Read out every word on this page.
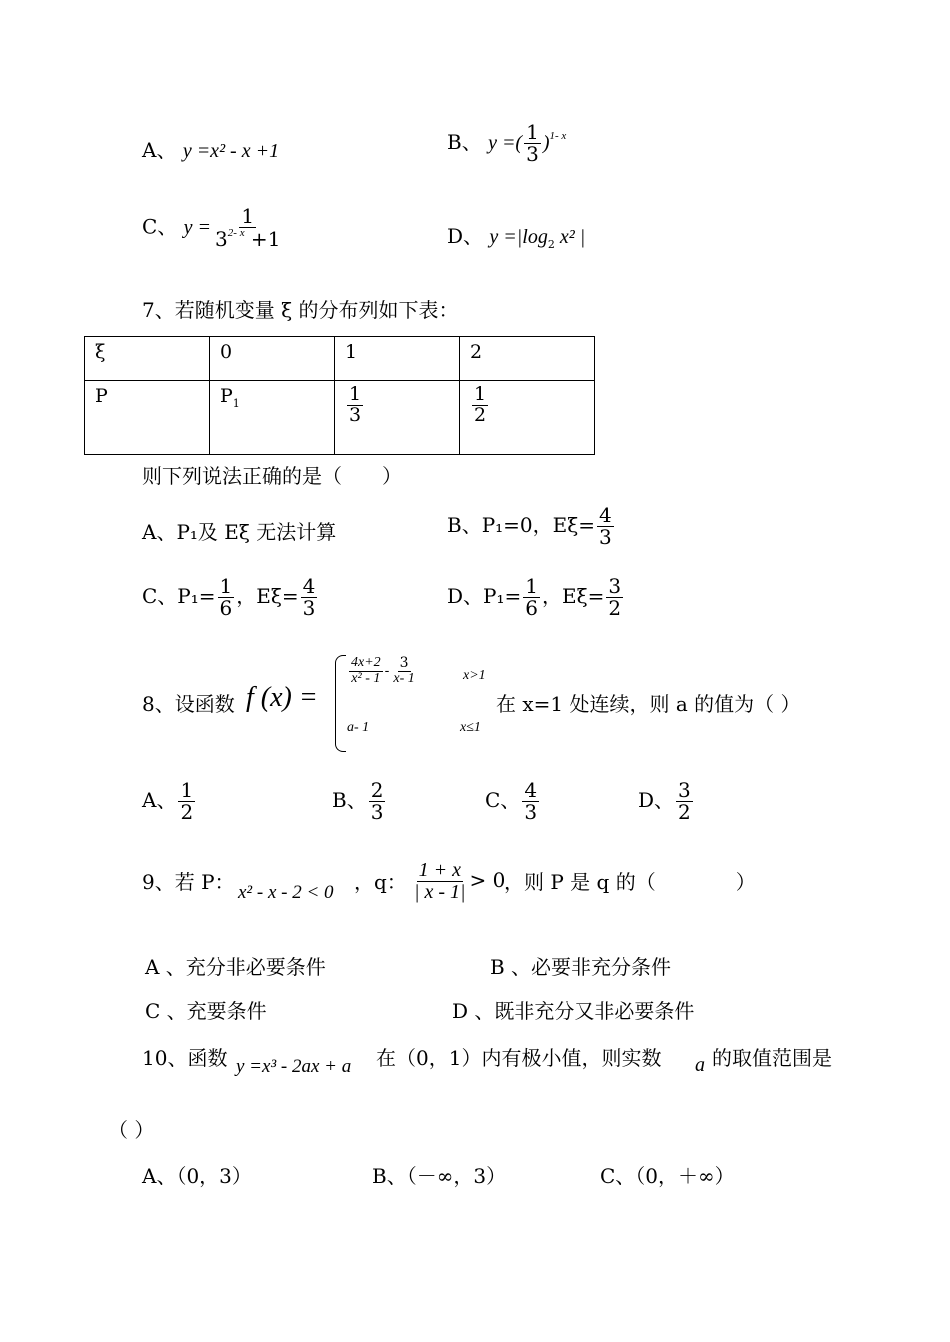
A、 y =x² - x +1	B、 y =( $\frac{1}{3} )^{1- x}$
C、 $y = \frac{1}{3^{2- x} +1}$	D、 $y =|\log_2$ x² |
7、若随机变量 ξ 的分布列如下表：
ξ	0	1	2
P	$P_1$	$\frac{1}{3}$	$\frac{1}{2}$
则下列说法正确的是（　　）
A、P₁及 Eξ 无法计算	B、P₁=0，$E\xi= \frac{4}{3}$
C、$P_1= \frac{1}{6}$ ，$E\xi= \frac{4}{3}$	D、$P_1= \frac{1}{6}$ ，$E\xi= \frac{3}{2}$
8、设函数 f (x) =
$\frac{4x+2}{\text{x² - 1}} - \frac{3}{x- 1}$	x>1
a- 1	x≤1
在 x=1 处连续，则 a 的值为（ ）
A、 $\frac{1}{2}$	B、 $\frac{2}{3}$	C、 $\frac{4}{3}$	D、 $\frac{3}{2}$
9、若 P： x² - x - 2 < 0 ，q： $\frac{1 + x}{| x - 1|} > 0$
，则 P 是 q 的（　　　　）
A 、充分非必要条件	B 、必要非充分条件
C 、充要条件	D 、既非充分又非必要条件
10、函数 y =x³ - 2ax + a 在（0，1）内有极小值，则实数 a 的取值范围是
（ ）
A、（0，3）	B、（－∞，3）	C、（0，＋∞）
